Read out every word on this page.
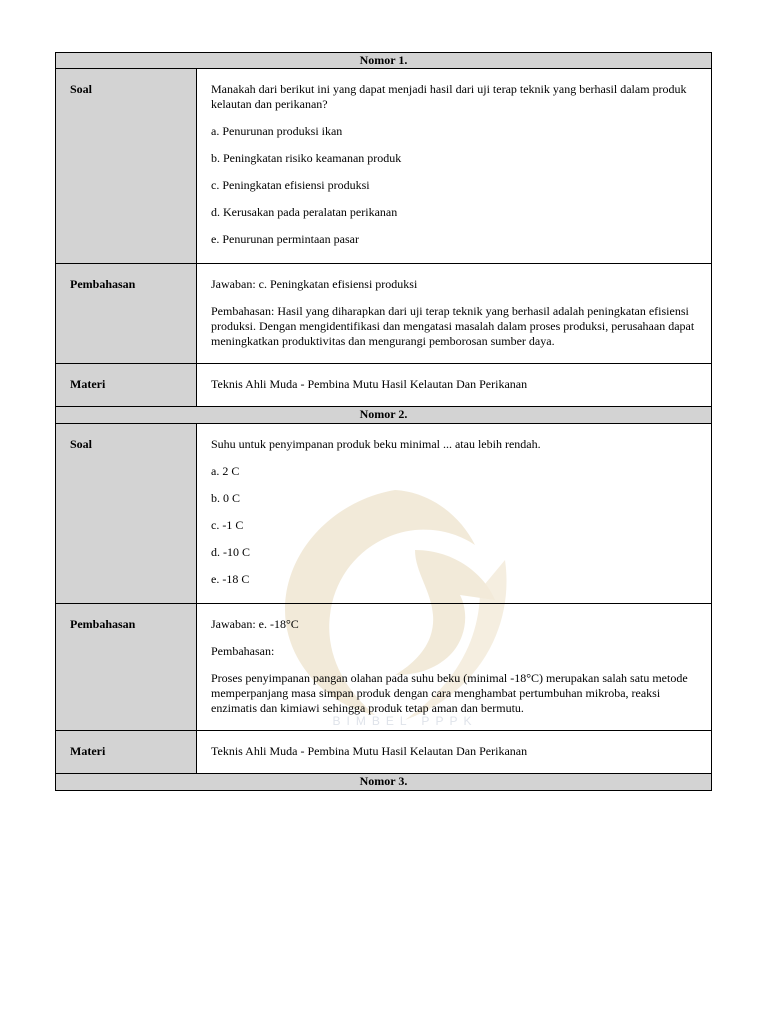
BIMBEL PPPK
Nomor 1.
Soal	Manakah dari berikut ini yang dapat menjadi hasil dari uji terap teknik yang berhasil dalam produk kelautan dan perikanan?

a. Penurunan produksi ikan

b. Peningkatan risiko keamanan produk

c. Peningkatan efisiensi produksi

d. Kerusakan pada peralatan perikanan

e. Penurunan permintaan pasar

Pembahasan	Jawaban: c. Peningkatan efisiensi produksi

Pembahasan: Hasil yang diharapkan dari uji terap teknik yang berhasil adalah peningkatan efisiensi produksi. Dengan mengidentifikasi dan mengatasi masalah dalam proses produksi, perusahaan dapat meningkatkan produktivitas dan mengurangi pemborosan sumber daya.

Materi	Teknis Ahli Muda - Pembina Mutu Hasil Kelautan Dan Perikanan
Nomor 2.
Soal	Suhu untuk penyimpanan produk beku minimal ... atau lebih rendah.

a. 2 C

b. 0 C

c. -1 C

d. -10 C

e. -18 C

Pembahasan	Jawaban: e. -18°C

Pembahasan:

Proses penyimpanan pangan olahan pada suhu beku (minimal -18°C) merupakan salah satu metode memperpanjang masa simpan produk dengan cara menghambat pertumbuhan mikroba, reaksi enzimatis dan kimiawi sehingga produk tetap aman dan bermutu.

Materi	Teknis Ahli Muda - Pembina Mutu Hasil Kelautan Dan Perikanan
Nomor 3.
